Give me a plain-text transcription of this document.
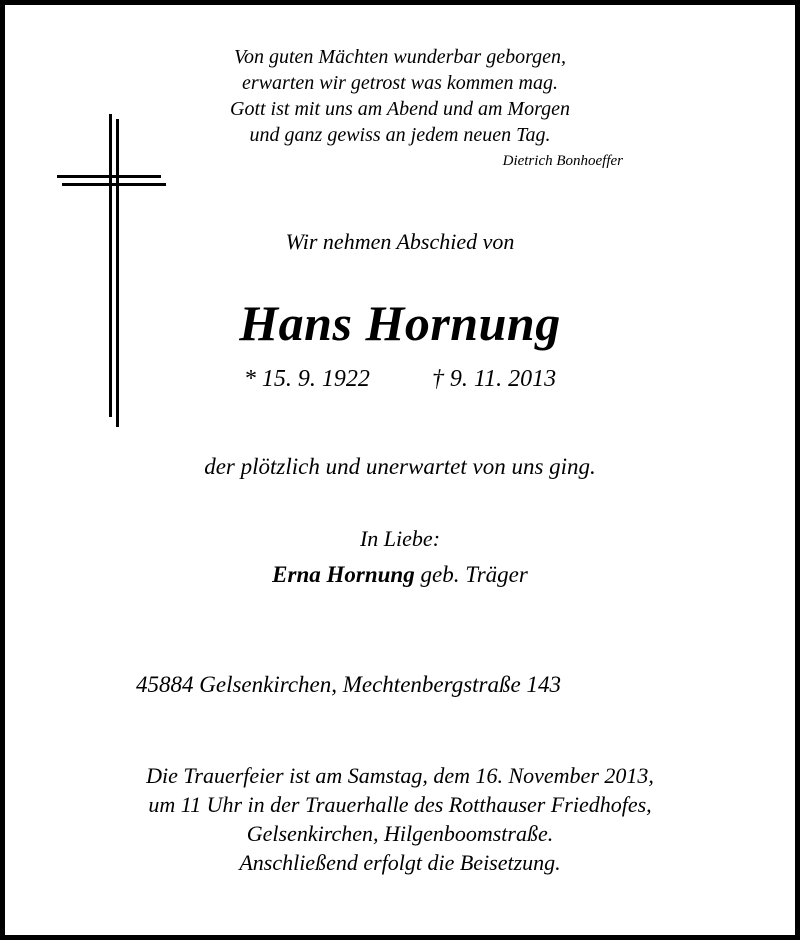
Von guten Mächten wunderbar geborgen,
erwarten wir getrost was kommen mag.
Gott ist mit uns am Abend und am Morgen
und ganz gewiss an jedem neuen Tag.
Dietrich Bonhoeffer
Wir nehmen Abschied von
Hans Hornung
* 15. 9. 1922	† 9. 11. 2013
der plötzlich und unerwartet von uns ging.
In Liebe:
Erna Hornung geb. Träger
45884 Gelsenkirchen, Mechtenbergstraße 143
Die Trauerfeier ist am Samstag, dem 16. November 2013,
um 11 Uhr in der Trauerhalle des Rotthauser Friedhofes,
Gelsenkirchen, Hilgenboomstraße.
Anschließend erfolgt die Beisetzung.
